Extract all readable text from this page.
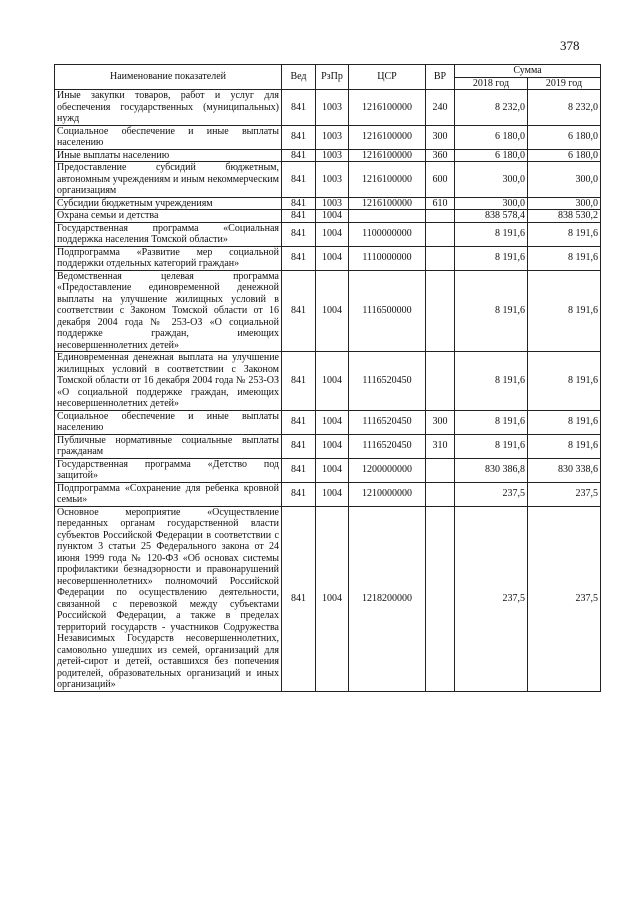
378
Наименование показателей	Вед	РзПр	ЦСР	ВР	Сумма	
					2018 год	2019 год
Иные закупки товаров, работ и услуг для обеспечения государственных (муниципальных) нужд	841	1003	1216100000	240	8 232,0	8 232,0
Социальное обеспечение и иные выплаты населению	841	1003	1216100000	300	6 180,0	6 180,0
Иные выплаты населению	841	1003	1216100000	360	6 180,0	6 180,0
Предоставление субсидий бюджетным, автономным учреждениям и иным некоммерческим организациям	841	1003	1216100000	600	300,0	300,0
Субсидии бюджетным учреждениям	841	1003	1216100000	610	300,0	300,0
Охрана семьи и детства	841	1004			838 578,4	838 530,2
Государственная программа «Социальная поддержка населения Томской области»	841	1004	1100000000		8 191,6	8 191,6
Подпрограмма «Развитие мер социальной поддержки отдельных категорий граждан»	841	1004	1110000000		8 191,6	8 191,6
Ведомственная целевая программа «Предоставление единовременной денежной выплаты на улучшение жилищных условий в соответствии с Законом Томской области от 16 декабря 2004 года № 253-ОЗ «О социальной поддержке граждан, имеющих несовершеннолетних детей»	841	1004	1116500000		8 191,6	8 191,6
Единовременная денежная выплата на улучшение жилищных условий в соответствии с Законом Томской области от 16 декабря 2004 года № 253-ОЗ «О социальной поддержке граждан, имеющих несовершеннолетних детей»	841	1004	1116520450		8 191,6	8 191,6
Социальное обеспечение и иные выплаты населению	841	1004	1116520450	300	8 191,6	8 191,6
Публичные нормативные социальные выплаты гражданам	841	1004	1116520450	310	8 191,6	8 191,6
Государственная программа «Детство под защитой»	841	1004	1200000000		830 386,8	830 338,6
Подпрограмма «Сохранение для ребенка кровной семьи»	841	1004	1210000000		237,5	237,5
Основное мероприятие «Осуществление переданных органам государственной власти субъектов Российской Федерации в соответствии с пунктом 3 статьи 25 Федерального закона от 24 июня 1999 года № 120-ФЗ «Об основах системы профилактики безнадзорности и правонарушений несовершеннолетних» полномочий Российской Федерации по осуществлению деятельности, связанной с перевозкой между субъектами Российской Федерации, а также в пределах территорий государств - участников Содружества Независимых Государств несовершеннолетних, самовольно ушедших из семей, организаций для детей-сирот и детей, оставшихся без попечения родителей, образовательных организаций и иных организаций»	841	1004	1218200000		237,5	237,5
